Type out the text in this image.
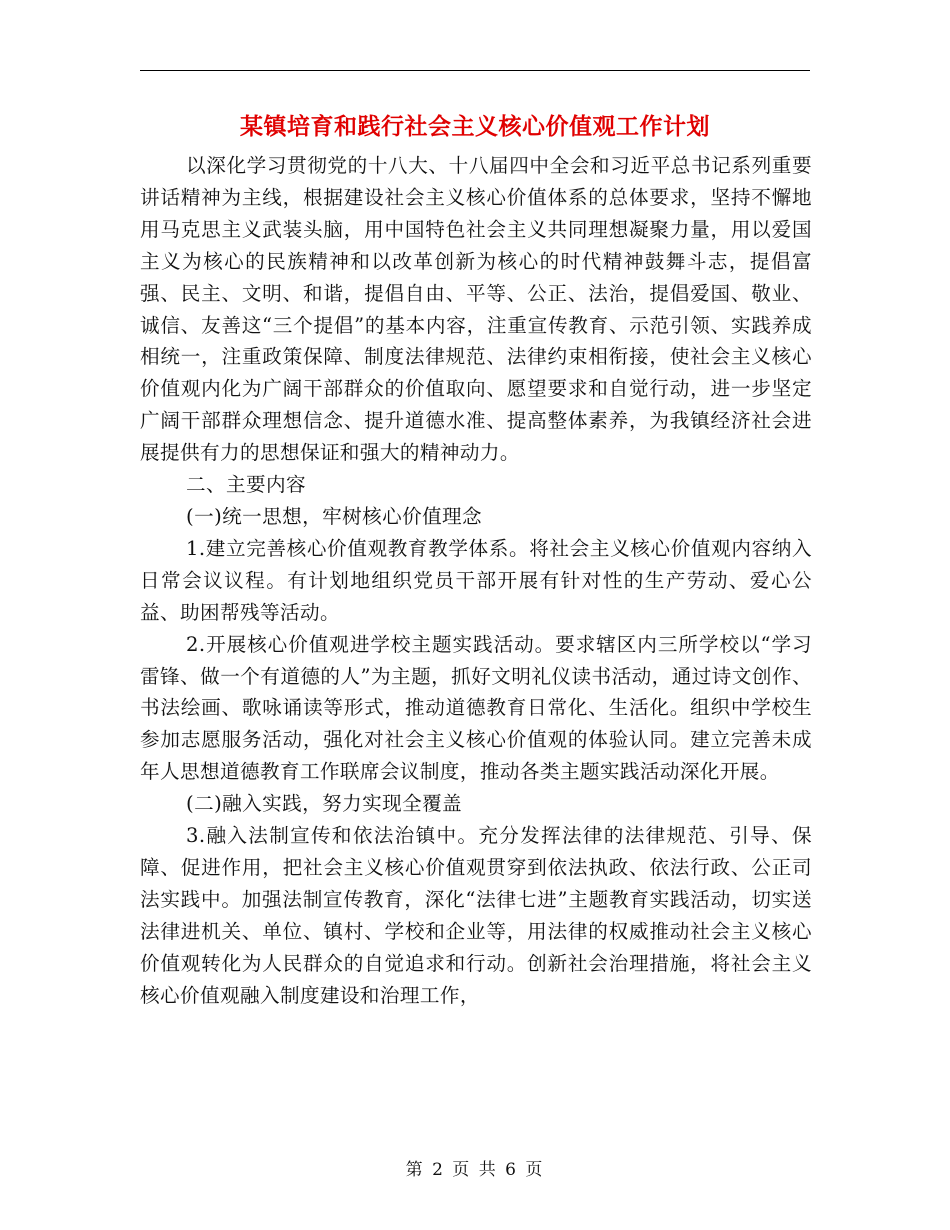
某镇培育和践行社会主义核心价值观工作计划

以深化学习贯彻党的十八大、十八届四中全会和习近平总书记系列重要讲话精神为主线，根据建设社会主义核心价值体系的总体要求，坚持不懈地用马克思主义武装头脑，用中国特色社会主义共同理想凝聚力量，用以爱国主义为核心的民族精神和以改革创新为核心的时代精神鼓舞斗志，提倡富强、民主、文明、和谐，提倡自由、平等、公正、法治，提倡爱国、敬业、诚信、友善这“三个提倡”的基本内容，注重宣传教育、示范引领、实践养成相统一，注重政策保障、制度法律规范、法律约束相衔接，使社会主义核心价值观内化为广阔干部群众的价值取向、愿望要求和自觉行动，进一步坚定广阔干部群众理想信念、提升道德水准、提高整体素养，为我镇经济社会进展提供有力的思想保证和强大的精神动力。

二、主要内容

(一)统一思想，牢树核心价值理念

1.建立完善核心价值观教育教学体系。将社会主义核心价值观内容纳入日常会议议程。有计划地组织党员干部开展有针对性的生产劳动、爱心公益、助困帮残等活动。

2.开展核心价值观进学校主题实践活动。要求辖区内三所学校以“学习雷锋、做一个有道德的人”为主题，抓好文明礼仪读书活动，通过诗文创作、书法绘画、歌咏诵读等形式，推动道德教育日常化、生活化。组织中学校生参加志愿服务活动，强化对社会主义核心价值观的体验认同。建立完善未成年人思想道德教育工作联席会议制度，推动各类主题实践活动深化开展。

(二)融入实践，努力实现全覆盖

3.融入法制宣传和依法治镇中。充分发挥法律的法律规范、引导、保障、促进作用，把社会主义核心价值观贯穿到依法执政、依法行政、公正司法实践中。加强法制宣传教育，深化“法律七进”主题教育实践活动，切实送法律进机关、单位、镇村、学校和企业等，用法律的权威推动社会主义核心价值观转化为人民群众的自觉追求和行动。创新社会治理措施，将社会主义核心价值观融入制度建设和治理工作，

第 2 页 共 6 页
